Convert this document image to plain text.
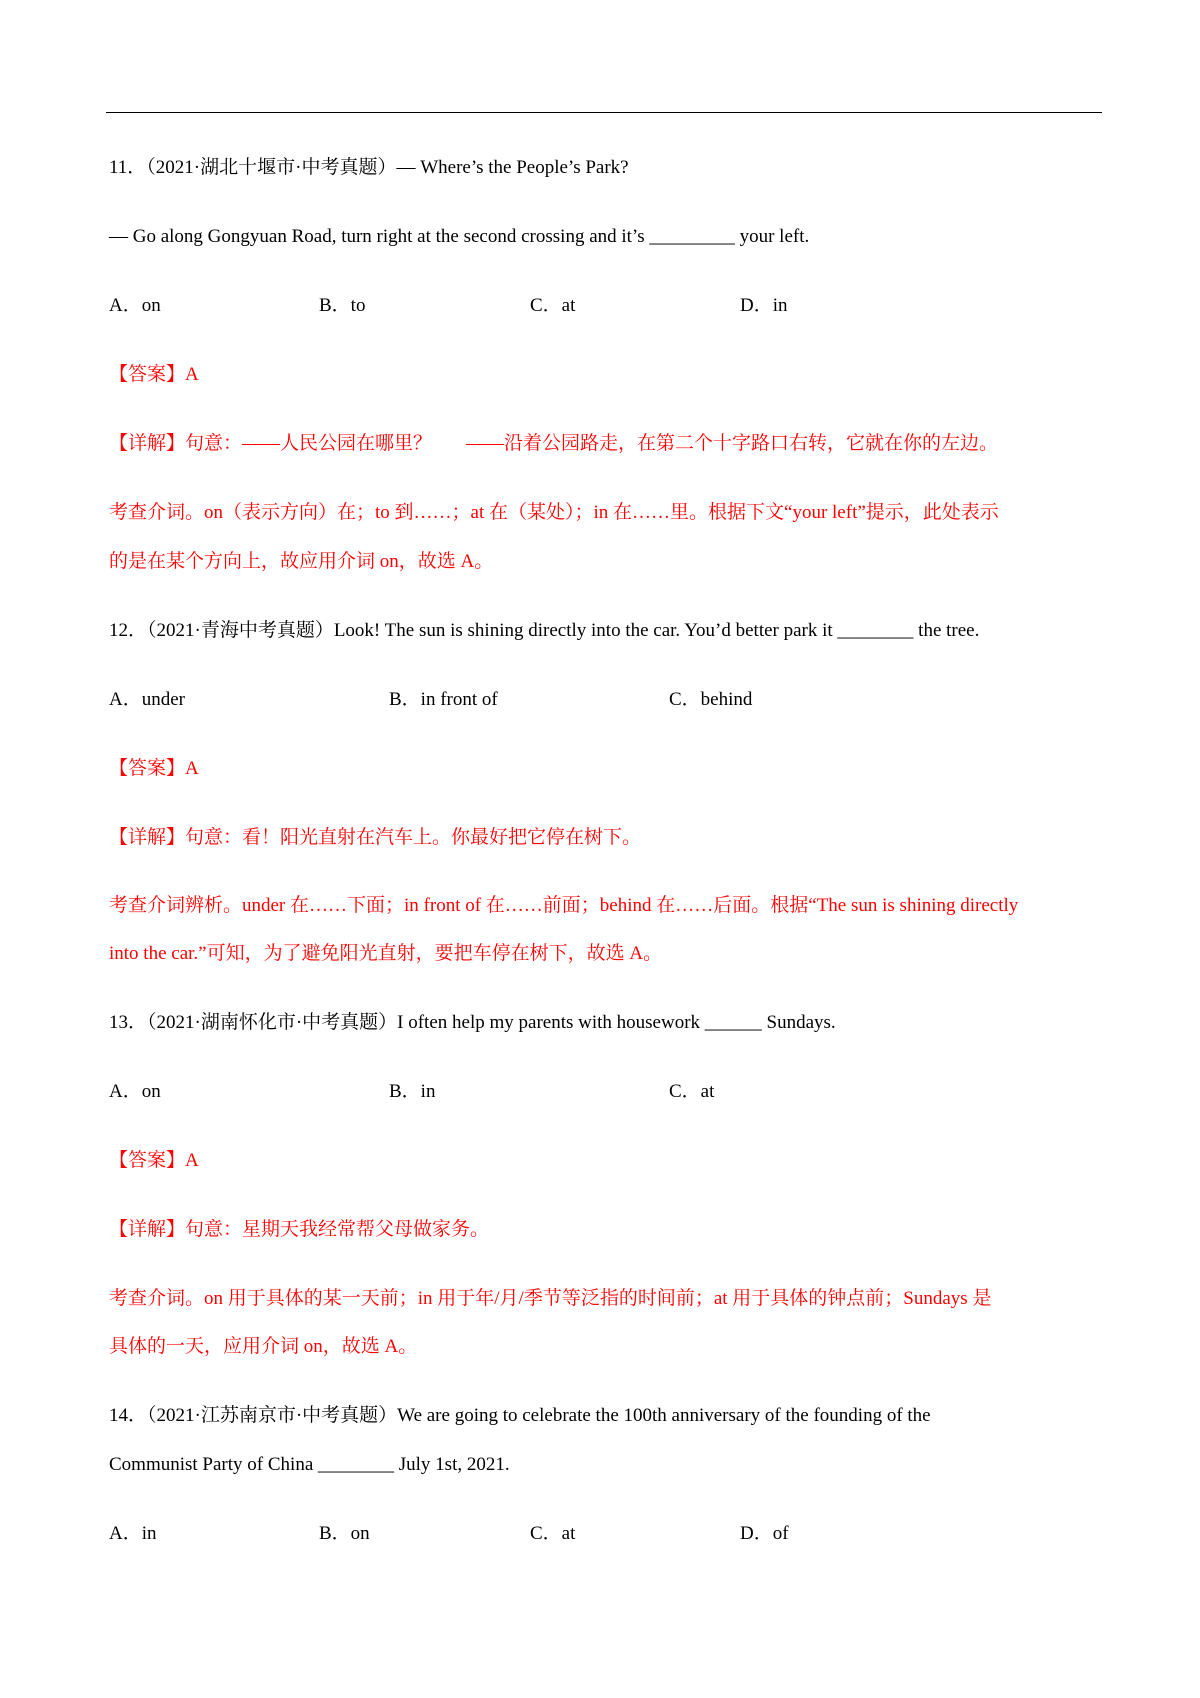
11．（2021·湖北十堰市·中考真题）— Where’s the People’s Park?
— Go along Gongyuan Road, turn right at the second crossing and it’s _________ your left.
A．on	B．to	C．at	D．in
【答案】A
【详解】句意：——人民公园在哪里？ ——沿着公园路走，在第二个十字路口右转，它就在你的左边。
考查介词。on（表示方向）在；to 到……；at 在（某处）；in 在……里。根据下文“your left”提示，此处表示
的是在某个方向上，故应用介词 on，故选 A。
12．（2021·青海中考真题）Look! The sun is shining directly into the car. You’d better park it ________ the tree.
A．under	B．in front of	C．behind
【答案】A
【详解】句意：看！阳光直射在汽车上。你最好把它停在树下。
考查介词辨析。under 在……下面；in front of 在……前面；behind 在……后面。根据“The sun is shining directly
into the car.”可知，为了避免阳光直射，要把车停在树下，故选 A。
13．（2021·湖南怀化市·中考真题）I often help my parents with housework ______ Sundays.
A．on	B．in	C．at
【答案】A
【详解】句意：星期天我经常帮父母做家务。
考查介词。on 用于具体的某一天前；in 用于年/月/季节等泛指的时间前；at 用于具体的钟点前；Sundays 是
具体的一天，应用介词 on，故选 A。
14．（2021·江苏南京市·中考真题）We are going to celebrate the 100th anniversary of the founding of the
Communist Party of China ________ July 1st, 2021.
A．in	B．on	C．at	D．of
